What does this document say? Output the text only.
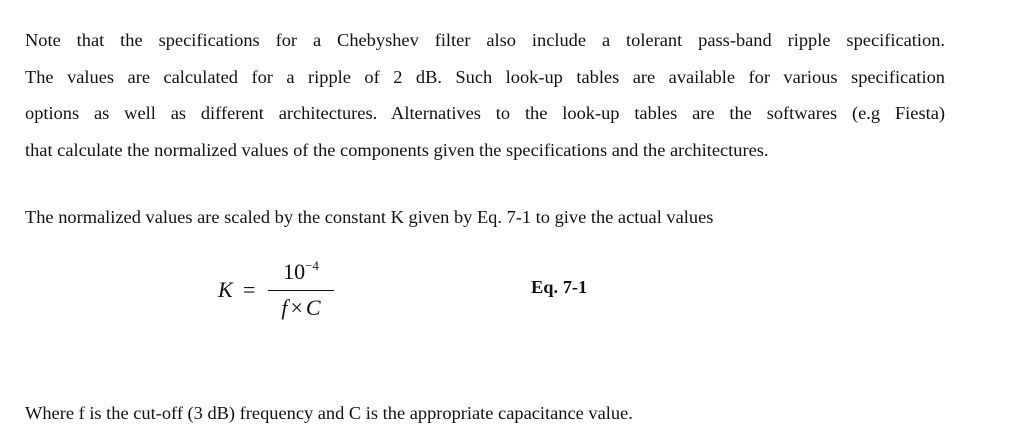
Note that the specifications for a Chebyshev filter also include a tolerant pass-band ripple specification.
The values are calculated for a ripple of 2 dB. Such look-up tables are available for various specification
options as well as different architectures. Alternatives to the look-up tables are the softwares (e.g Fiesta)
that calculate the normalized values of the components given the specifications and the architectures.

The normalized values are scaled by the constant K given by Eq. 7-1 to give the actual values

K =
$10^{-4}$
f × C
Eq. 7-1

Where f is the cut-off (3 dB) frequency and C is the appropriate capacitance value.
